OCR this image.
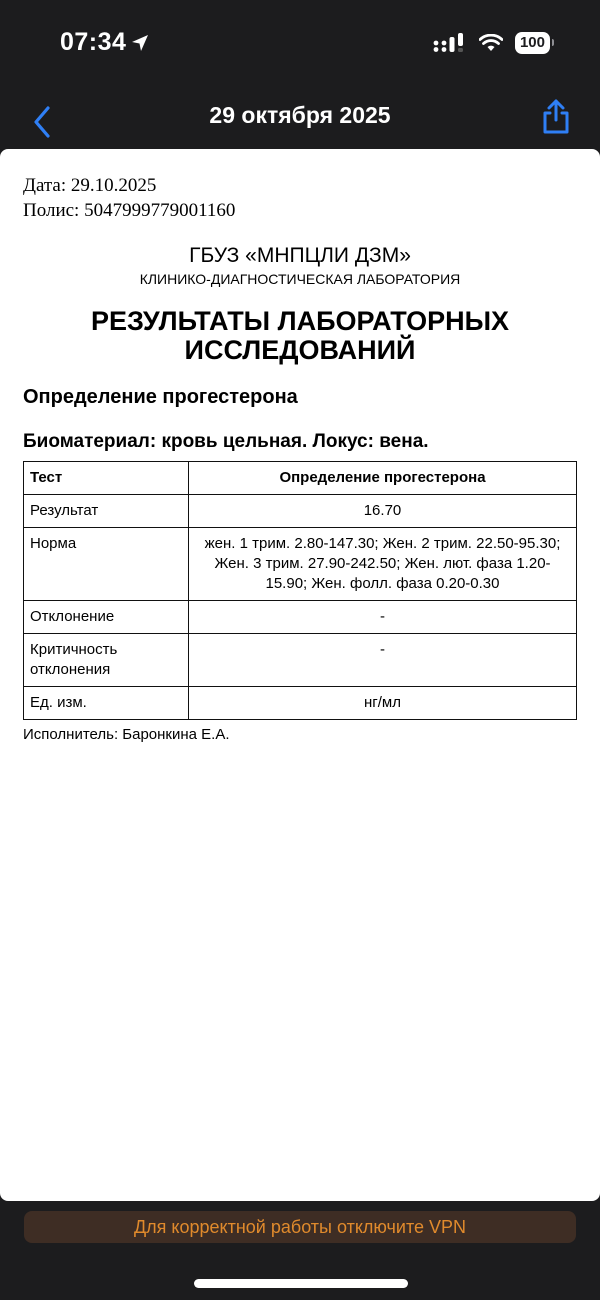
07:34	100
29 октября 2025
Дата: 29.10.2025
Полис: 5047999779001160
ГБУЗ «МНПЦЛИ ДЗМ»
КЛИНИКО-ДИАГНОСТИЧЕСКАЯ ЛАБОРАТОРИЯ
РЕЗУЛЬТАТЫ ЛАБОРАТОРНЫХ
ИССЛЕДОВАНИЙ
Определение прогестерона
Биоматериал: кровь цельная. Локус: вена.
Тест	Определение прогестерона
Результат	16.70
Норма	жен. 1 трим. 2.80-147.30; Жен. 2 трим. 22.50-95.30; Жен. 3 трим. 27.90-242.50; Жен. лют. фаза 1.20-15.90; Жен. фолл. фаза 0.20-0.30
Отклонение	-
Критичность отклонения	-
Ед. изм.	нг/мл
Исполнитель: Баронкина Е.А.
Для корректной работы отключите VPN
